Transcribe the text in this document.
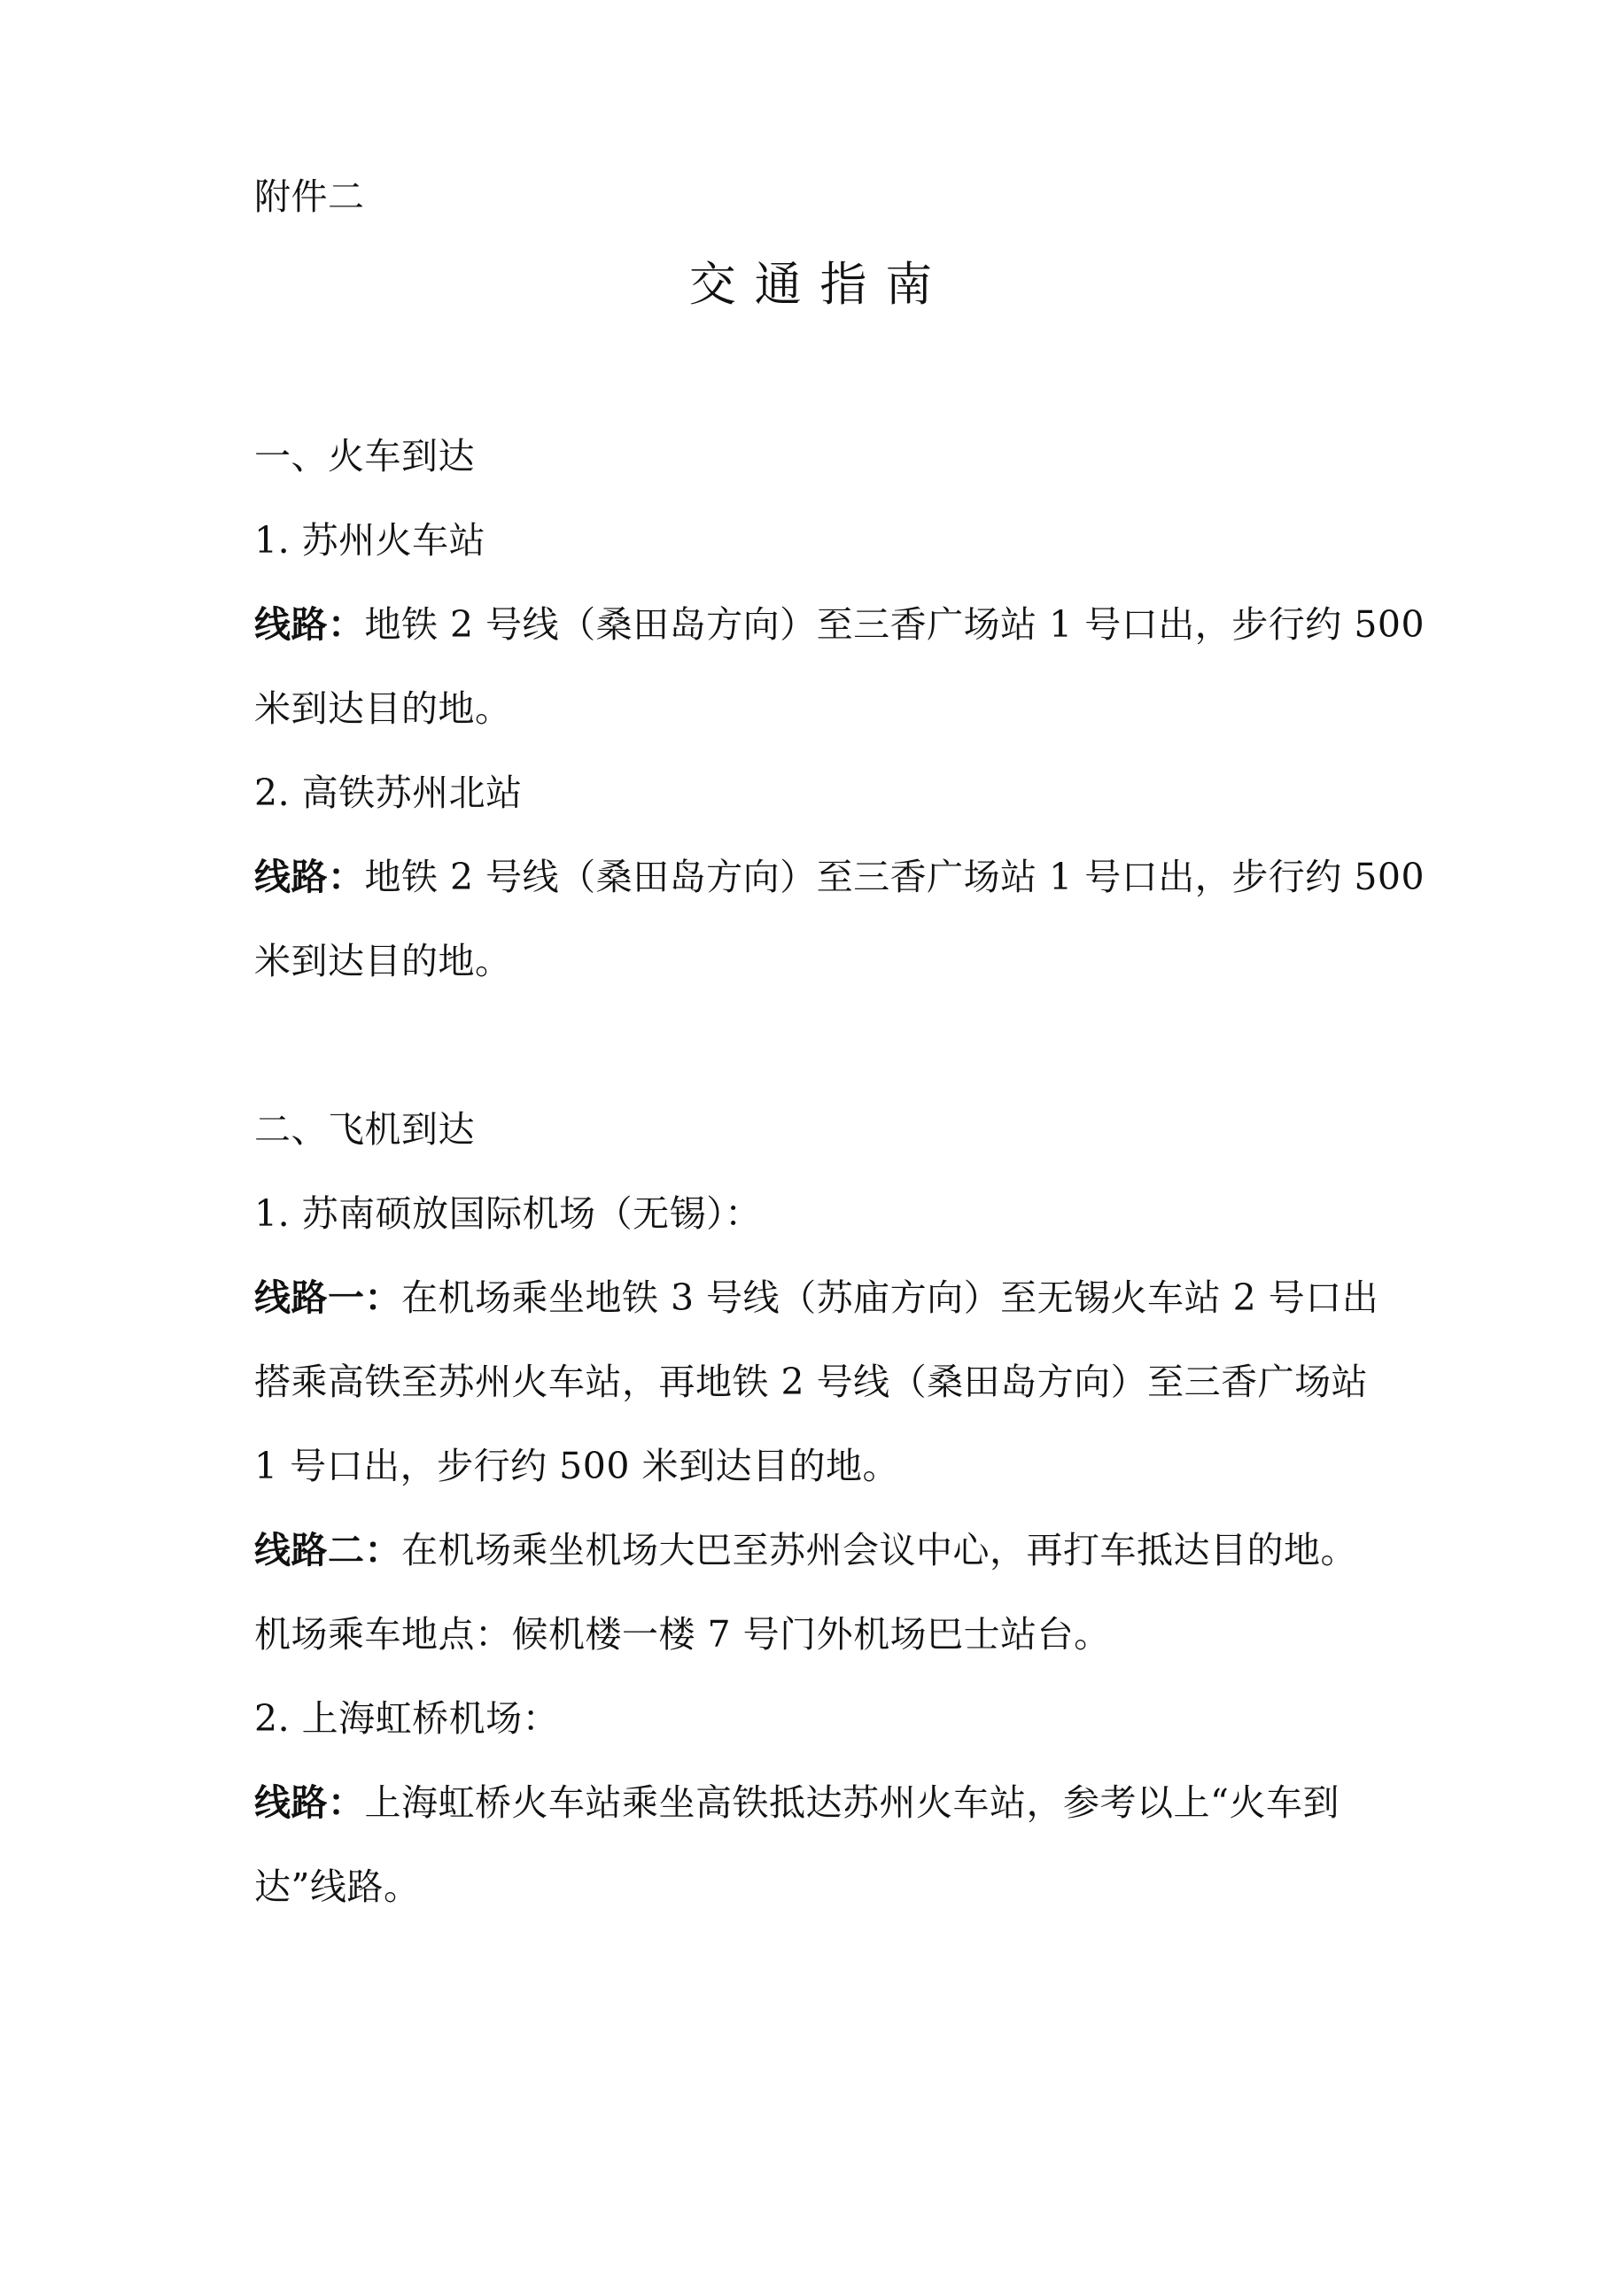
附件二
交 通 指 南
一、火车到达
1. 苏州火车站
线路：地铁 2 号线（桑田岛方向）至三香广场站 1 号口出，步行约 500
米到达目的地。
2. 高铁苏州北站
线路：地铁 2 号线（桑田岛方向）至三香广场站 1 号口出，步行约 500
米到达目的地。
二、飞机到达
1. 苏南硕放国际机场（无锡）：
线路一：在机场乘坐地铁 3 号线（苏庙方向）至无锡火车站 2 号口出
搭乘高铁至苏州火车站，再地铁 2 号线（桑田岛方向）至三香广场站
1 号口出，步行约 500 米到达目的地。
线路二：在机场乘坐机场大巴至苏州会议中心，再打车抵达目的地。
机场乘车地点：候机楼一楼 7 号门外机场巴士站台。
2. 上海虹桥机场：
线路：上海虹桥火车站乘坐高铁抵达苏州火车站，参考以上“火车到
达”线路。
